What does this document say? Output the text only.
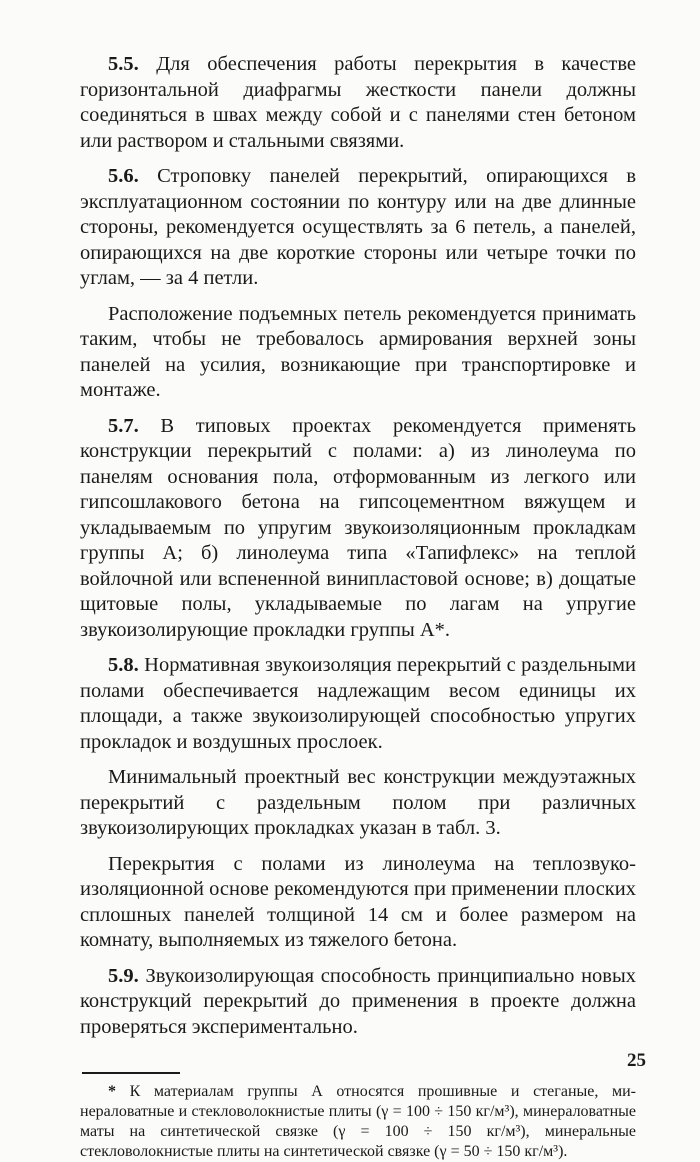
5.5. Для обеспечения работы перекрытия в качестве горизонтальной диафрагмы жесткости панели должны соединяться в швах между собой и с панелями стен бетоном или раствором и стальными связями.

5.6. Строповку панелей перекрытий, опирающихся в эксплуатационном состоянии по контуру или на две длинные стороны, рекомендуется осуществлять за 6 петель, а панелей, опирающихся на две короткие стороны или четыре точки по углам, — за 4 петли.

Расположение подъемных петель рекомендуется принимать таким, чтобы не требовалось армирования верхней зоны панелей на усилия, возникающие при транспортировке и монтаже.

5.7. В типовых проектах рекомендуется применять конструкции перекрытий с полами: а) из линолеума по панелям основания пола, отформованным из легкого или гипсошлакового бетона на гипсоцементном вяжущем и укладываемым по упругим звукоизоляционным прокладкам группы А; б) линолеума типа «Тапифлекс» на теплой войлочной или вспененной винипластовой основе; в) дощатые щитовые полы, укладываемые по лагам на упругие звукоизолирующие прокладки группы А*.

5.8. Нормативная звукоизоляция перекрытий с раздельными полами обеспечивается надлежащим весом единицы их площади, а также звукоизолирующей способностью упругих прокладок и воздушных прослоек.

Минимальный проектный вес конструкции междуэтажных перекрытий с раздельным полом при различных звукоизолирующих прокладках указан в табл. 3.

Перекрытия с полами из линолеума на теплозвукоизоляционной основе рекомендуются при применении плоских сплошных панелей толщиной 14 см и более размером на комнату, выполняемых из тяжелого бетона.

5.9. Звукоизолирующая способность принципиально новых конструкций перекрытий до применения в проекте должна проверяться экспериментально.

* К материалам группы А относятся прошивные и стеганые, минераловатные и стекловолокнистые плиты (γ = 100 ÷ 150 кг/м³), минераловатные маты на синтетической связке (γ = 100 ÷ 150 кг/м³), минеральные стекловолокнистые плиты на синтетической связке (γ = 50 ÷ 150 кг/м³).

25
